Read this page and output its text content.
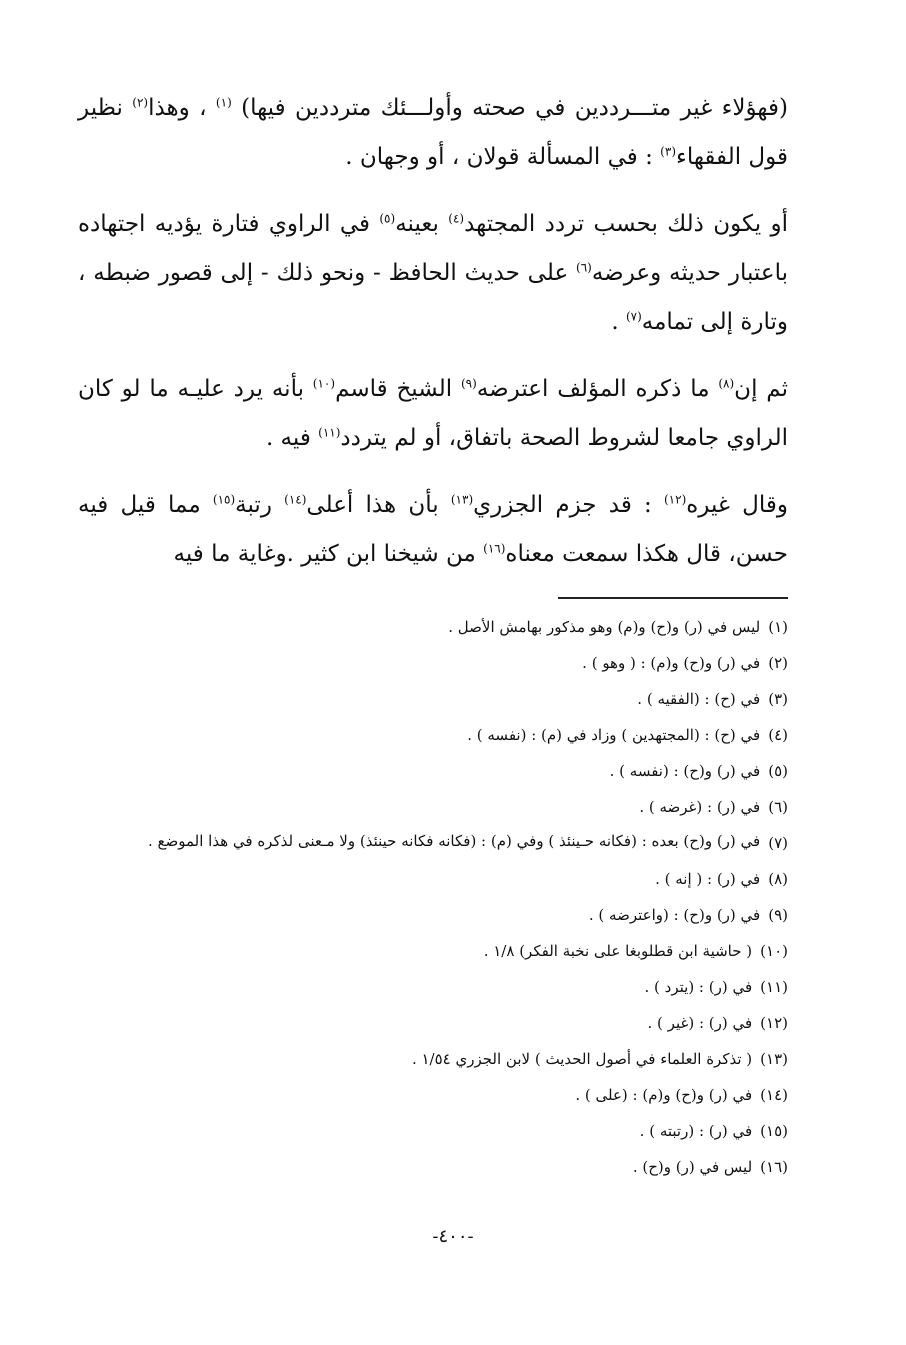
(فهؤلاء غير متـــرددين في صحته وأولـــئك مترددين فيها) $^{(١)}$ ، وهذا$^{(٢)}$ نظير قول الفقهاء$^{(٣)}$ : في المسألة قولان ، أو وجهان .

أو يكون ذلك بحسب تردد المجتهد$^{(٤)}$ بعينه$^{(٥)}$ في الراوي فتارة يؤديه اجتهاده باعتبار حديثه وعرضه$^{(٦)}$ على حديث الحافظ - ونحو ذلك - إلى قصور ضبطه ، وتارة إلى تمامه$^{(٧)}$ .

ثم إن$^{(٨)}$ ما ذكره المؤلف اعترضه$^{(٩)}$ الشيخ قاسم$^{(١٠)}$ بأنه يرد عليـه ما لو كان الراوي جامعا لشروط الصحة باتفاق، أو لم يتردد$^{(١١)}$ فيه .

وقال غيره$^{(١٢)}$ : قد جزم الجزري$^{(١٣)}$ بأن هذا أعلى$^{(١٤)}$ رتبة$^{(١٥)}$ مما قيل فيه حسن، قال هكذا سمعت معناه$^{(١٦)}$ من شيخنا ابن كثير .وغاية ما فيه

(١)
ليس في (ر) و(ح) و(م) وهو مذكور بهامش الأصل .
(٢)
في (ر) و(ح) و(م) : ( وهو ) .
(٣)
في (ح) : (الفقيه ) .
(٤)
في (ح) : (المجتهدين ) وزاد في (م) : (نفسه ) .
(٥)
في (ر) و(ح) : (نفسه ) .
(٦)
في (ر) : (غرضه ) .
(٧)
في (ر) و(ح) بعده : (فكانه حـينئذ ) وفي (م) : (فكانه فكانه حينئذ) ولا مـعنى لذكره في هذا الموضع .
(٨)
في (ر) : ( إنه ) .
(٩)
في (ر) و(ح) : (واعترضه ) .
(١٠)
( حاشية ابن قطلوبغا على نخبة الفكر) ١/٨ .
(١١)
في (ر) : (يترد ) .
(١٢)
في (ر) : (غير ) .
(١٣)
( تذكرة العلماء في أصول الحديث ) لابن الجزري ١/٥٤ .
(١٤)
في (ر) و(ح) و(م) : (على ) .
(١٥)
في (ر) : (رتبته ) .
(١٦)
ليس في (ر) و(ح) .
-٤٠٠-
